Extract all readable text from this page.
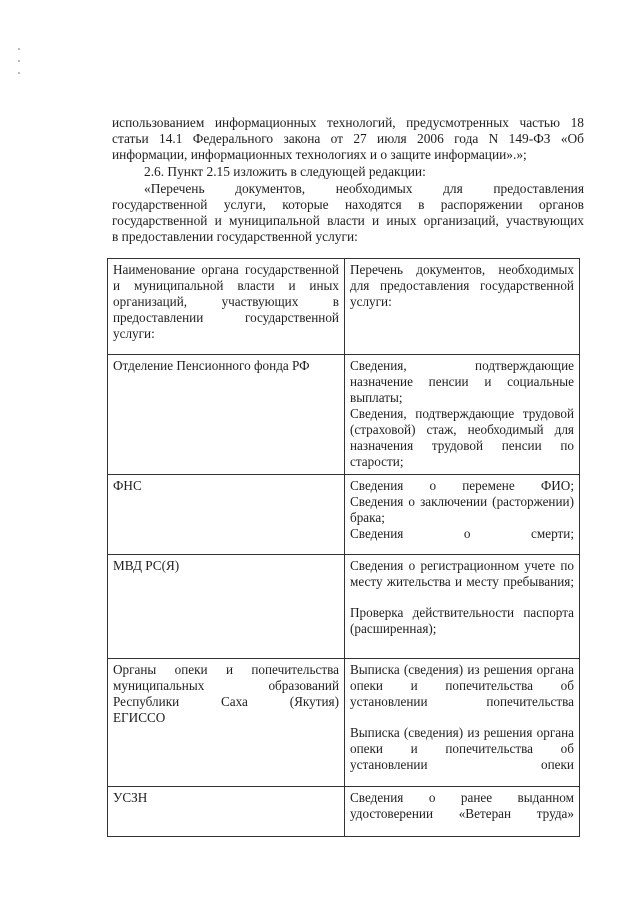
использованием информационных технологий, предусмотренных частью 18
статьи 14.1 Федерального закона от 27 июля 2006 года N 149-ФЗ «Об
информации, информационных технологиях и о защите информации».»;

2.6. Пункт 2.15 изложить в следующей редакции:

«Перечень документов, необходимых для предоставления
государственной услуги, которые находятся в распоряжении органов
государственной и муниципальной власти и иных организаций, участвующих
в предоставлении государственной услуги:

Наименование органа государственной и муниципальной власти и иных организаций, участвующих в предоставлении государственной услуги:	Перечень документов, необходимых для предоставления государственной услуги:
Отделение Пенсионного фонда РФ	Сведения, подтверждающие назначение пенсии и социальные выплаты;
Сведения, подтверждающие трудовой (страховой) стаж, необходимый для назначения трудовой пенсии по старости;

ФНС	Сведения о перемене ФИО;
Сведения о заключении (расторжении) брака;
Сведения о смерти;

МВД РС(Я)	Сведения о регистрационном учете по месту жительства и месту пребывания;
Проверка действительности паспорта (расширенная);

Органы опеки и попечительства муниципальных образований Республики Саха (Якутия)
ЕГИССО	Выписка (сведения) из решения органа опеки и попечительства об установлении попечительства
Выписка (сведения) из решения органа опеки и попечительства об установлении опеки

УСЗН	Сведения о ранее выданном удостоверении «Ветеран труда»
